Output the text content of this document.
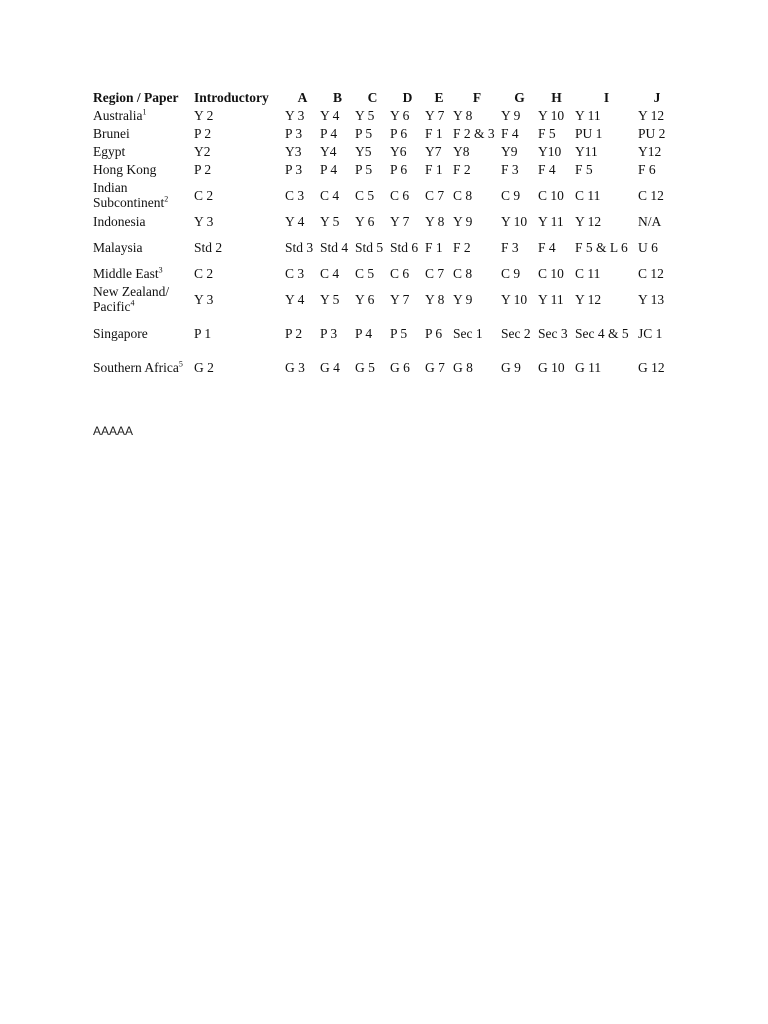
Region / Paper	Introductory	A	B	C	D	E	F	G	H	I	J
Australia$^1$	Y 2	Y 3	Y 4	Y 5	Y 6	Y 7	Y 8	Y 9	Y 10	Y 11	Y 12
Brunei	P 2	P 3	P 4	P 5	P 6	F 1	F 2 & 3	F 4	F 5	PU 1	PU 2
Egypt	Y2	Y3	Y4	Y5	Y6	Y7	Y8	Y9	Y10	Y11	Y12
Hong Kong	P 2	P 3	P 4	P 5	P 6	F 1	F 2	F 3	F 4	F 5	F 6
Indian Subcontinent$^2$	C 2	C 3	C 4	C 5	C 6	C 7	C 8	C 9	C 10	C 11	C 12
Indonesia	Y 3	Y 4	Y 5	Y 6	Y 7	Y 8	Y 9	Y 10	Y 11	Y 12	N/A
Malaysia	Std 2	Std 3	Std 4	Std 5	Std 6	F 1	F 2	F 3	F 4	F 5 & L 6	U 6
Middle East$^3$	C 2	C 3	C 4	C 5	C 6	C 7	C 8	C 9	C 10	C 11	C 12
New Zealand/ Pacific$^4$	Y 3	Y 4	Y 5	Y 6	Y 7	Y 8	Y 9	Y 10	Y 11	Y 12	Y 13
Singapore	P 1	P 2	P 3	P 4	P 5	P 6	Sec 1	Sec 2	Sec 3	Sec 4 & 5	JC 1
Southern Africa$^5$	G 2	G 3	G 4	G 5	G 6	G 7	G 8	G 9	G 10	G 11	G 12
AAAAA
